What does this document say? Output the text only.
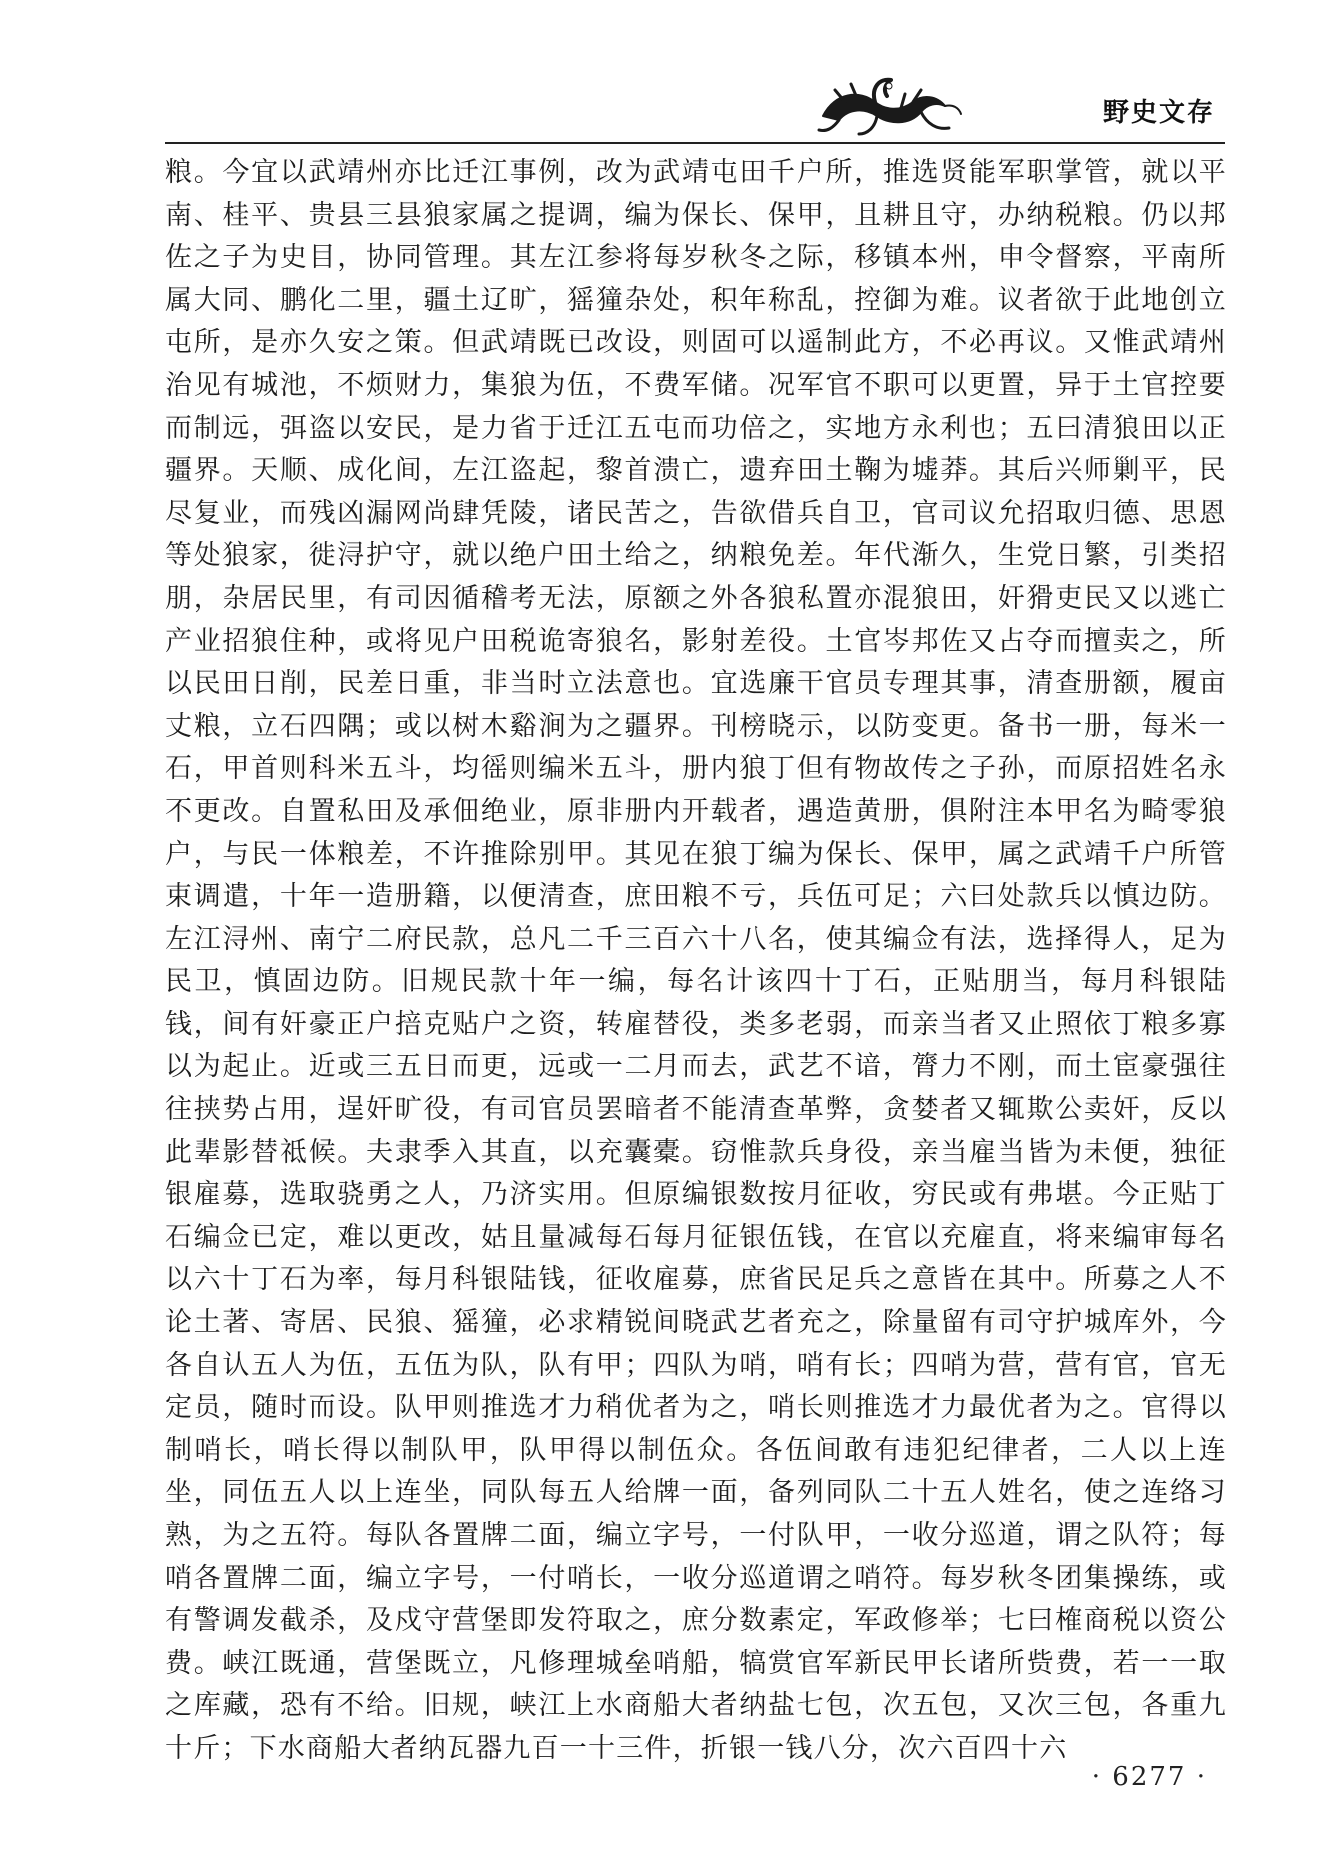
野史文存

粮。今宜以武靖州亦比迁江事例，改为武靖屯田千户所，推选贤能军职掌管，就以平南、桂平、贵县三县狼家属之提调，编为保长、保甲，且耕且守，办纳税粮。仍以邦佐之子为史目，协同管理。其左江参将每岁秋冬之际，移镇本州，申令督察，平南所属大同、鹏化二里，疆土辽旷，猺獞杂处，积年称乱，控御为难。议者欲于此地创立屯所，是亦久安之策。但武靖既已改设，则固可以遥制此方，不必再议。又惟武靖州治见有城池，不烦财力，集狼为伍，不费军储。况军官不职可以更置，异于土官控要而制远，弭盗以安民，是力省于迁江五屯而功倍之，实地方永利也；五曰清狼田以正疆界。天顺、成化间，左江盗起，黎首溃亡，遗弃田土鞠为墟莽。其后兴师剿平，民尽复业，而残凶漏网尚肆凭陵，诸民苦之，告欲借兵自卫，官司议允招取归德、思恩等处狼家，徙浔护守，就以绝户田土给之，纳粮免差。年代渐久，生党日繁，引类招朋，杂居民里，有司因循稽考无法，原额之外各狼私置亦混狼田，奸猾吏民又以逃亡产业招狼住种，或将见户田税诡寄狼名，影射差役。土官岑邦佐又占夺而擅卖之，所以民田日削，民差日重，非当时立法意也。宜选廉干官员专理其事，清查册额，履亩丈粮，立石四隅；或以树木谿涧为之疆界。刊榜晓示，以防变更。备书一册，每米一石，甲首则科米五斗，均徭则编米五斗，册内狼丁但有物故传之子孙，而原招姓名永不更改。自置私田及承佃绝业，原非册内开载者，遇造黄册，俱附注本甲名为畸零狼户，与民一体粮差，不许推除别甲。其见在狼丁编为保长、保甲，属之武靖千户所管束调遣，十年一造册籍，以便清查，庶田粮不亏，兵伍可足；六曰处款兵以慎边防。左江浔州、南宁二府民款，总凡二千三百六十八名，使其编佥有法，选择得人，足为民卫，慎固边防。旧规民款十年一编，每名计该四十丁石，正贴朋当，每月科银陆钱，间有奸豪正户掊克贴户之资，转雇替役，类多老弱，而亲当者又止照依丁粮多寡以为起止。近或三五日而更，远或一二月而去，武艺不谙，膂力不刚，而土宦豪强往往挟势占用，逞奸旷役，有司官员罢暗者不能清查革弊，贪婪者又辄欺公卖奸，反以此辈影替祗候。夫隶季入其直，以充囊橐。窃惟款兵身役，亲当雇当皆为未便，独征银雇募，选取骁勇之人，乃济实用。但原编银数按月征收，穷民或有弗堪。今正贴丁石编佥已定，难以更改，姑且量减每石每月征银伍钱，在官以充雇直，将来编审每名以六十丁石为率，每月科银陆钱，征收雇募，庶省民足兵之意皆在其中。所募之人不论土著、寄居、民狼、猺獞，必求精锐间晓武艺者充之，除量留有司守护城库外，今各自认五人为伍，五伍为队，队有甲；四队为哨，哨有长；四哨为营，营有官，官无定员，随时而设。队甲则推选才力稍优者为之，哨长则推选才力最优者为之。官得以制哨长，哨长得以制队甲，队甲得以制伍众。各伍间敢有违犯纪律者，二人以上连坐，同伍五人以上连坐，同队每五人给牌一面，备列同队二十五人姓名，使之连络习熟，为之五符。每队各置牌二面，编立字号，一付队甲，一收分巡道，谓之队符；每哨各置牌二面，编立字号，一付哨长，一收分巡道谓之哨符。每岁秋冬团集操练，或有警调发截杀，及戍守营堡即发符取之，庶分数素定，军政修举；七曰榷商税以资公费。峡江既通，营堡既立，凡修理城垒哨船，犒赏官军新民甲长诸所赀费，若一一取之库藏，恐有不给。旧规，峡江上水商船大者纳盐七包，次五包，又次三包，各重九十斤；下水商船大者纳瓦器九百一十三件，折银一钱八分，次六百四十六

· 6277 ·
